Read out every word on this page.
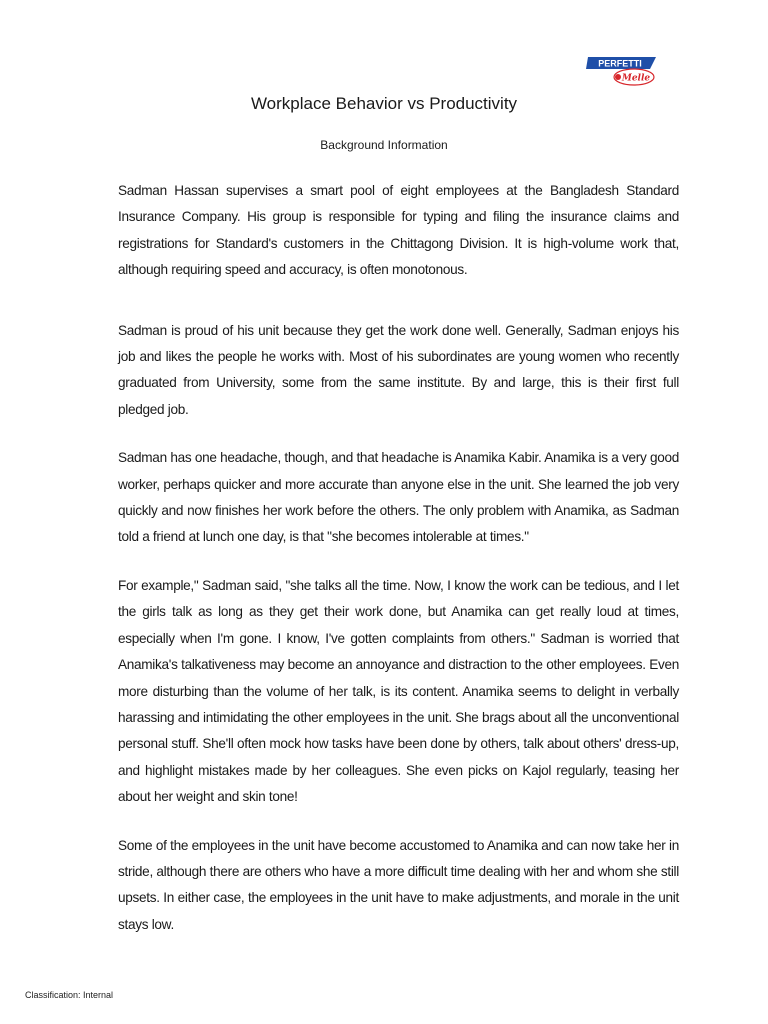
PERFETTI
Melle
Workplace Behavior vs Productivity
Background Information

Sadman Hassan supervises a smart pool of eight employees at the Bangladesh Standard Insurance Company. His group is responsible for typing and filing the insurance claims and registrations for Standard's customers in the Chittagong Division. It is high-volume work that, although requiring speed and accuracy, is often monotonous.

Sadman is proud of his unit because they get the work done well. Generally, Sadman enjoys his job and likes the people he works with. Most of his subordinates are young women who recently graduated from University, some from the same institute. By and large, this is their first full pledged job.

Sadman has one headache, though, and that headache is Anamika Kabir. Anamika is a very good worker, perhaps quicker and more accurate than anyone else in the unit. She learned the job very quickly and now finishes her work before the others. The only problem with Anamika, as Sadman told a friend at lunch one day, is that "she becomes intolerable at times."

For example," Sadman said, "she talks all the time. Now, I know the work can be tedious, and I let the girls talk as long as they get their work done, but Anamika can get really loud at times, especially when I'm gone. I know, I've gotten complaints from others." Sadman is worried that Anamika's talkativeness may become an annoyance and distraction to the other employees. Even more disturbing than the volume of her talk, is its content. Anamika seems to delight in verbally harassing and intimidating the other employees in the unit. She brags about all the unconventional personal stuff. She'll often mock how tasks have been done by others, talk about others' dress-up, and highlight mistakes made by her colleagues. She even picks on Kajol regularly, teasing her about her weight and skin tone!

Some of the employees in the unit have become accustomed to Anamika and can now take her in stride, although there are others who have a more difficult time dealing with her and whom she still upsets. In either case, the employees in the unit have to make adjustments, and morale in the unit stays low.

Classification: Internal
